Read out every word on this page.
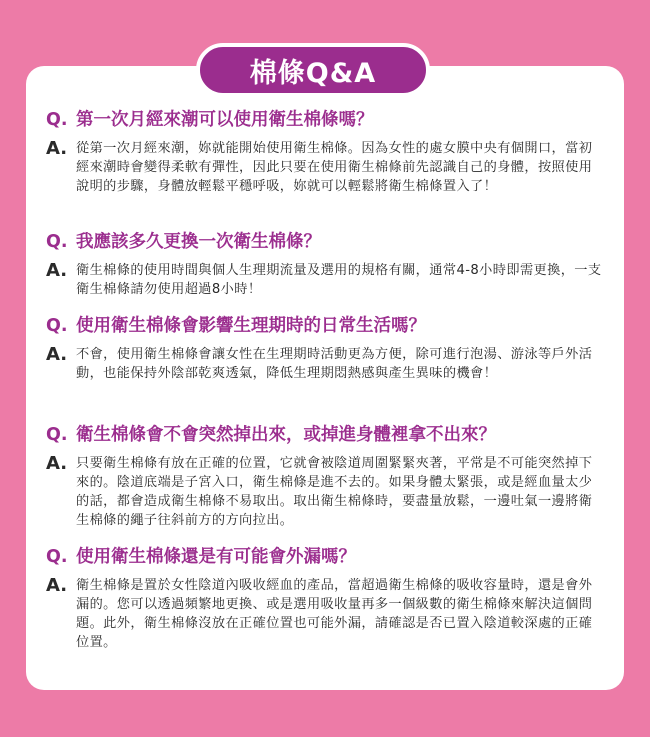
棉條Q&A
Q. 第一次月經來潮可以使用衛生棉條嗎？
A. 從第一次月經來潮，妳就能開始使用衛生棉條。因為女性的處女膜中央有個開口，當初經來潮時會變得柔軟有彈性，因此只要在使用衛生棉條前先認識自己的身體，按照使用說明的步驟，身體放輕鬆平穩呼吸，妳就可以輕鬆將衛生棉條置入了！
Q. 我應該多久更換一次衛生棉條？
A. 衛生棉條的使用時間與個人生理期流量及選用的規格有關，通常4-8小時即需更換，一支衛生棉條請勿使用超過8小時！
Q. 使用衛生棉條會影響生理期時的日常生活嗎？
A. 不會，使用衛生棉條會讓女性在生理期時活動更為方便，除可進行泡湯、游泳等戶外活動，也能保持外陰部乾爽透氣，降低生理期悶熱感與產生異味的機會！
Q. 衛生棉條會不會突然掉出來，或掉進身體裡拿不出來？
A. 只要衛生棉條有放在正確的位置，它就會被陰道周圍緊緊夾著，平常是不可能突然掉下來的。陰道底端是子宮入口，衛生棉條是進不去的。如果身體太緊張，或是經血量太少的話，都會造成衛生棉條不易取出。取出衛生棉條時，要盡量放鬆，一邊吐氣一邊將衛生棉條的繩子往斜前方的方向拉出。
Q. 使用衛生棉條還是有可能會外漏嗎？
A. 衛生棉條是置於女性陰道內吸收經血的產品，當超過衛生棉條的吸收容量時，還是會外漏的。您可以透過頻繁地更換、或是選用吸收量再多一個級數的衛生棉條來解決這個問題。此外，衛生棉條沒放在正確位置也可能外漏，請確認是否已置入陰道較深處的正確位置。
